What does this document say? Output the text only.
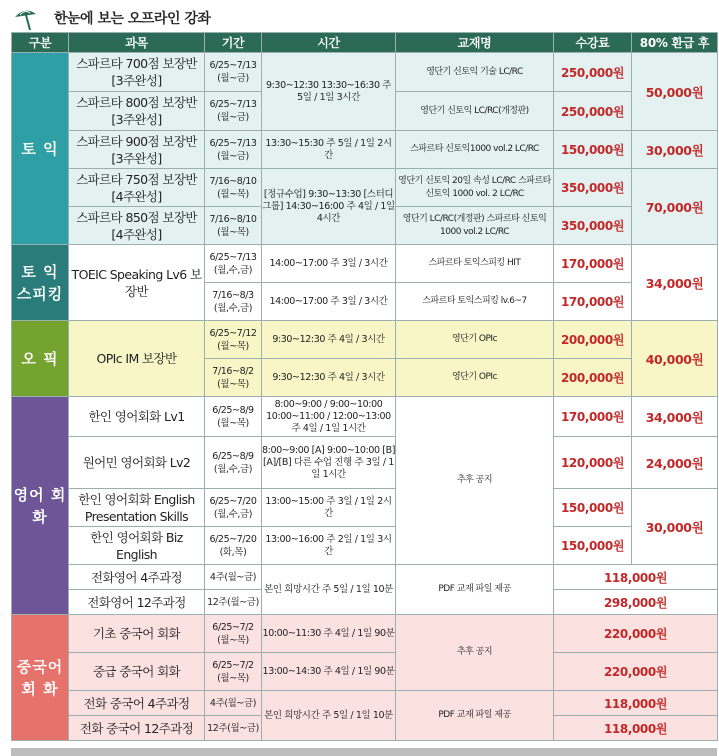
한눈에 보는 오프라인 강좌
구분	과목	기간	시간	교재명	수강료	80% 환급 후
토 익	스파르타 700점 보장반 [3주완성]	6/25~7/13 (월~금)	9:30~12:30 13:30~16:30 주 5일 / 1일 3시간	영단기 신토익 기술 LC/RC	250,000원	50,000원
	스파르타 800점 보장반 [3주완성]	6/25~7/13 (월~금)		영단기 신토익 LC/RC(개정판)	250,000원	
	스파르타 900점 보장반 [3주완성]	6/25~7/13 (월~금)	13:30~15:30 주 5일 / 1일 2시간	스파르타 신토익1000 vol.2 LC/RC	150,000원	30,000원
	스파르타 750점 보장반 [4주완성]	7/16~8/10 (월~목)	[정규수업] 9:30~13:30 [스터디 그룹] 14:30~16:00 주 4일 / 1일 4시간	영단기 신토익 20일 속성 LC/RC 스파르타 신토익 1000 vol. 2 LC/RC	350,000원	70,000원
	스파르타 850점 보장반 [4주완성]	7/16~8/10 (월~목)		영단기 LC/RC(개정판) 스파르타 신토익 1000 vol.2 LC/RC	350,000원	
토 익 스피킹	TOEIC Speaking Lv6 보장반	6/25~7/13 (월,수,금)	14:00~17:00 주 3일 / 3시간	스파르타 토익스피킹 HIT	170,000원	34,000원
		7/16~8/3 (월,수,금)	14:00~17:00 주 3일 / 3시간	스파르타 토익스피킹 lv.6~7	170,000원	
오 픽	OPIc IM 보장반	6/25~7/12 (월~목)	9:30~12:30 주 4일 / 3시간	영단기 OPIc	200,000원	40,000원
		7/16~8/2 (월~목)	9:30~12:30 주 4일 / 3시간	영단기 OPIc	200,000원	
영어 회화	한인 영어회화 Lv1	6/25~8/9 (월~목)	8:00~9:00 / 9:00~10:00 10:00~11:00 / 12:00~13:00 주 4일 / 1일 1시간	추후 공지	170,000원	34,000원
	원어민 영어회화 Lv2	6/25~8/9 (월,수,금)	8:00~9:00 [A] 9:00~10:00 [B] [A]/[B] 다른 수업 진행 주 3일 / 1일 1시간		120,000원	24,000원
	한인 영어회화 English Presentation Skills	6/25~7/20 (월,수,금)	13:00~15:00 주 3일 / 1일 2시간		150,000원	30,000원
	한인 영어회화 Biz English	6/25~7/20 (화,목)	13:00~16:00 주 2일 / 1일 3시간		150,000원	
	전화영어 4주과정	4주(월~금)	본인 희망시간 주 5일 / 1일 10분	PDF 교재 파일 제공	118,000원	
	전화영어 12주과정	12주(월~금)			298,000원	
중국어 회 화	기초 중국어 회화	6/25~7/2 (월~목)	10:00~11:30 주 4일 / 1일 90분	추후 공지	220,000원	
	중급 중국어 회화	6/25~7/2 (월~목)	13:00~14:30 주 4일 / 1일 90분		220,000원	
	전화 중국어 4주과정	4주(월~금)	본인 희망시간 주 5일 / 1일 10분	PDF 교재 파일 제공	118,000원	
	전화 중국어 12주과정	12주(월~금)			118,000원	
